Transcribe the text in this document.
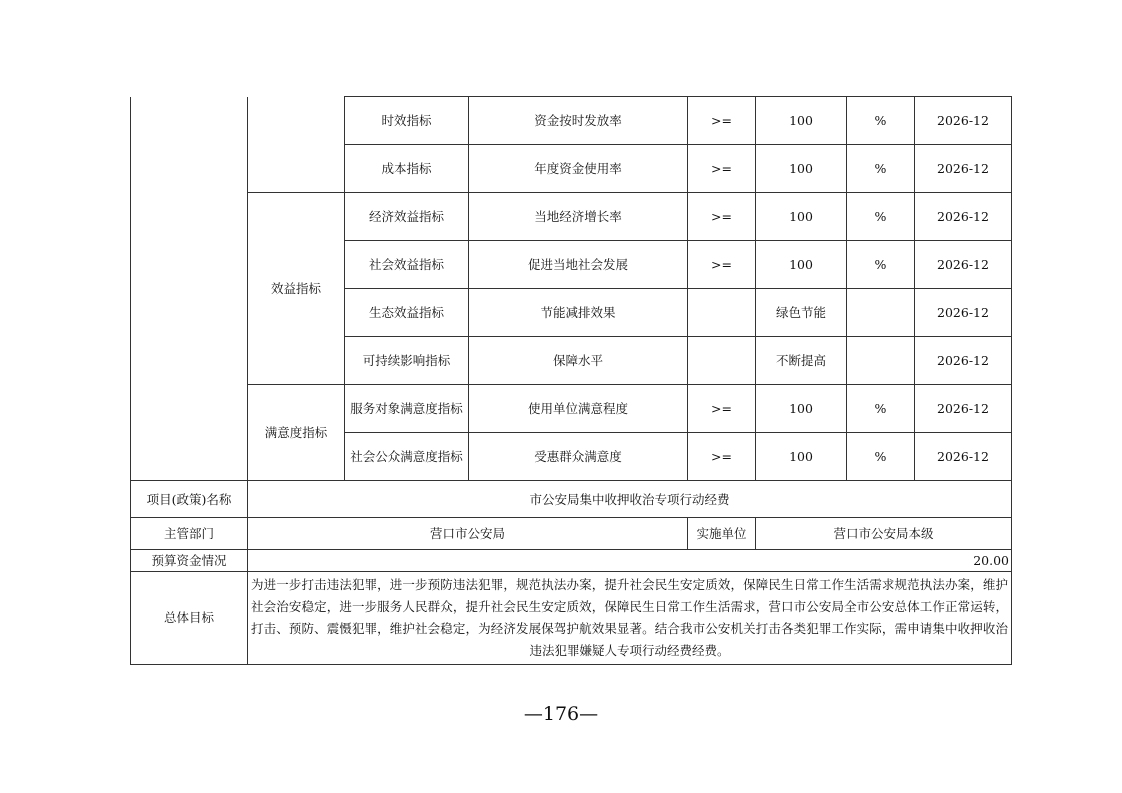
		时效指标	资金按时发放率	>=	100	%	2026-12
		成本指标	年度资金使用率	>=	100	%	2026-12
	效益指标	经济效益指标	当地经济增长率	>=	100	%	2026-12
		社会效益指标	促进当地社会发展	>=	100	%	2026-12
		生态效益指标	节能减排效果		绿色节能		2026-12
		可持续影响指标	保障水平		不断提高		2026-12
	满意度指标	服务对象满意度指标	使用单位满意程度	>=	100	%	2026-12
		社会公众满意度指标	受惠群众满意度	>=	100	%	2026-12
项目(政策)名称	市公安局集中收押收治专项行动经费						
主管部门	营口市公安局			实施单位	营口市公安局本级		
预算资金情况	20.00						
总体目标	为进一步打击违法犯罪，进一步预防违法犯罪，规范执法办案，提升社会民生安定质效，保障民生日常工作生活需求规范执法办案，维护社会治安稳定，进一步服务人民群众，提升社会民生安定质效，保障民生日常工作生活需求，营口市公安局全市公安总体工作正常运转，打击、预防、震慑犯罪，维护社会稳定，为经济发展保驾护航效果显著。结合我市公安机关打击各类犯罪工作实际，需申请集中收押收治违法犯罪嫌疑人专项行动经费经费。						
—176—
